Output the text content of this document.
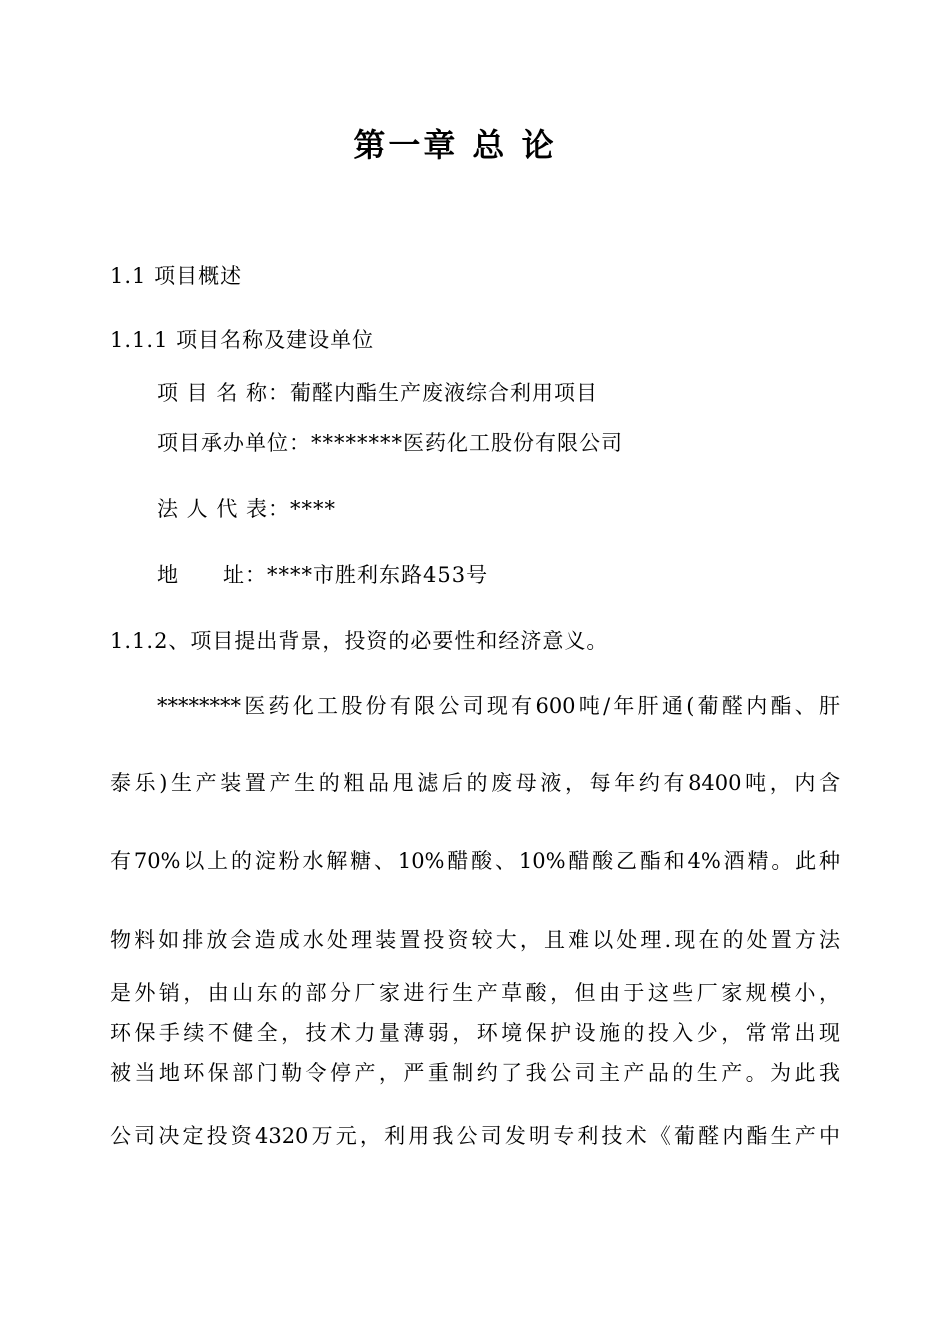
第一章 总 论
1.1 项目概述
1.1.1 项目名称及建设单位
项 目 名 称：葡醛内酯生产废液综合利用项目
项目承办单位：********医药化工股份有限公司
法 人 代 表：****
地　　址：****市胜利东路453号
1.1.2、项目提出背景，投资的必要性和经济意义。
********医药化工股份有限公司现有600吨/年肝通(葡醛内酯、肝
泰乐)生产装置产生的粗品甩滤后的废母液，每年约有8400吨，内含
有70%以上的淀粉水解糖、10%醋酸、10%醋酸乙酯和4%酒精。此种
物料如排放会造成水处理装置投资较大，且难以处理.现在的处置方法
是外销，由山东的部分厂家进行生产草酸，但由于这些厂家规模小，
环保手续不健全，技术力量薄弱，环境保护设施的投入少，常常出现
被当地环保部门勒令停产，严重制约了我公司主产品的生产。为此我
公司决定投资4320万元，利用我公司发明专利技术《葡醛内酯生产中
